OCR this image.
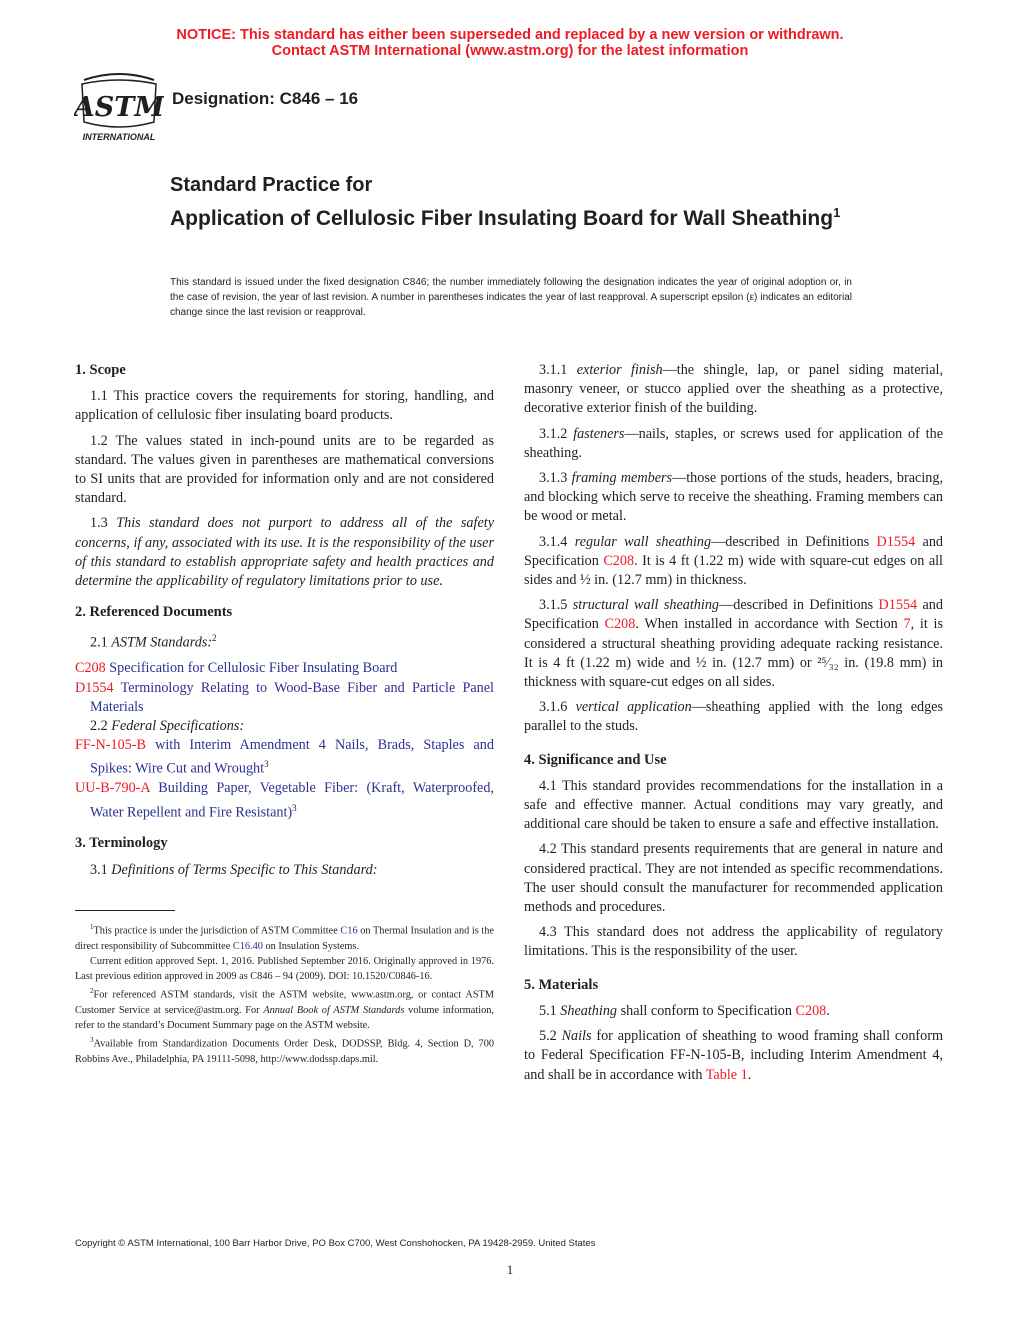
NOTICE: This standard has either been superseded and replaced by a new version or withdrawn.
Contact ASTM International (www.astm.org) for the latest information
ASTM
INTERNATIONAL
Designation: C846 – 16
Standard Practice for
Application of Cellulosic Fiber Insulating Board for Wall Sheathing$^1$
This standard is issued under the fixed designation C846; the number immediately following the designation indicates the year of original adoption or, in the case of revision, the year of last revision. A number in parentheses indicates the year of last reapproval. A superscript epsilon (ε) indicates an editorial change since the last revision or reapproval.
1. Scope

1.1 This practice covers the requirements for storing, handling, and application of cellulosic fiber insulating board products.

1.2 The values stated in inch-pound units are to be regarded as standard. The values given in parentheses are mathematical conversions to SI units that are provided for information only and are not considered standard.

1.3 This standard does not purport to address all of the safety concerns, if any, associated with its use. It is the responsibility of the user of this standard to establish appropriate safety and health practices and determine the applicability of regulatory limitations prior to use.

2. Referenced Documents

2.1 ASTM Standards:$^2$

C208 Specification for Cellulosic Fiber Insulating Board
D1554 Terminology Relating to Wood-Base Fiber and Particle Panel Materials

2.2 Federal Specifications:

FF-N-105-B with Interim Amendment 4 Nails, Brads, Staples and Spikes: Wire Cut and Wrought$^3$
UU-B-790-A Building Paper, Vegetable Fiber: (Kraft, Waterproofed, Water Repellent and Fire Resistant)$^3$
3. Terminology

3.1 Definitions of Terms Specific to This Standard:

$^1$This practice is under the jurisdiction of ASTM Committee C16 on Thermal Insulation and is the direct responsibility of Subcommittee C16.40 on Insulation Systems.

Current edition approved Sept. 1, 2016. Published September 2016. Originally approved in 1976. Last previous edition approved in 2009 as C846 – 94 (2009). DOI: 10.1520/C0846-16.

$^2$For referenced ASTM standards, visit the ASTM website, www.astm.org, or contact ASTM Customer Service at service@astm.org. For Annual Book of ASTM Standards volume information, refer to the standard’s Document Summary page on the ASTM website.

$^3$Available from Standardization Documents Order Desk, DODSSP, Bldg. 4, Section D, 700 Robbins Ave., Philadelphia, PA 19111-5098, http://www.dodssp.daps.mil.

3.1.1 exterior finish—the shingle, lap, or panel siding material, masonry veneer, or stucco applied over the sheathing as a protective, decorative exterior finish of the building.

3.1.2 fasteners—nails, staples, or screws used for application of the sheathing.

3.1.3 framing members—those portions of the studs, headers, bracing, and blocking which serve to receive the sheathing. Framing members can be wood or metal.

3.1.4 regular wall sheathing—described in Definitions D1554 and Specification C208. It is 4 ft (1.22 m) wide with square-cut edges on all sides and ½ in. (12.7 mm) in thickness.

3.1.5 structural wall sheathing—described in Definitions D1554 and Specification C208. When installed in accordance with Section 7, it is considered a structural sheathing providing adequate racking resistance. It is 4 ft (1.22 m) wide and ½ in. (12.7 mm) or ²⁵⁄₃₂ in. (19.8 mm) in thickness with square-cut edges on all sides.

3.1.6 vertical application—sheathing applied with the long edges parallel to the studs.

4. Significance and Use

4.1 This standard provides recommendations for the installation in a safe and effective manner. Actual conditions may vary greatly, and additional care should be taken to ensure a safe and effective installation.

4.2 This standard presents requirements that are general in nature and considered practical. They are not intended as specific recommendations. The user should consult the manufacturer for recommended application methods and procedures.

4.3 This standard does not address the applicability of regulatory limitations. This is the responsibility of the user.

5. Materials

5.1 Sheathing shall conform to Specification C208.

5.2 Nails for application of sheathing to wood framing shall conform to Federal Specification FF-N-105-B, including Interim Amendment 4, and shall be in accordance with Table 1.

Copyright © ASTM International, 100 Barr Harbor Drive, PO Box C700, West Conshohocken, PA 19428-2959. United States
1
